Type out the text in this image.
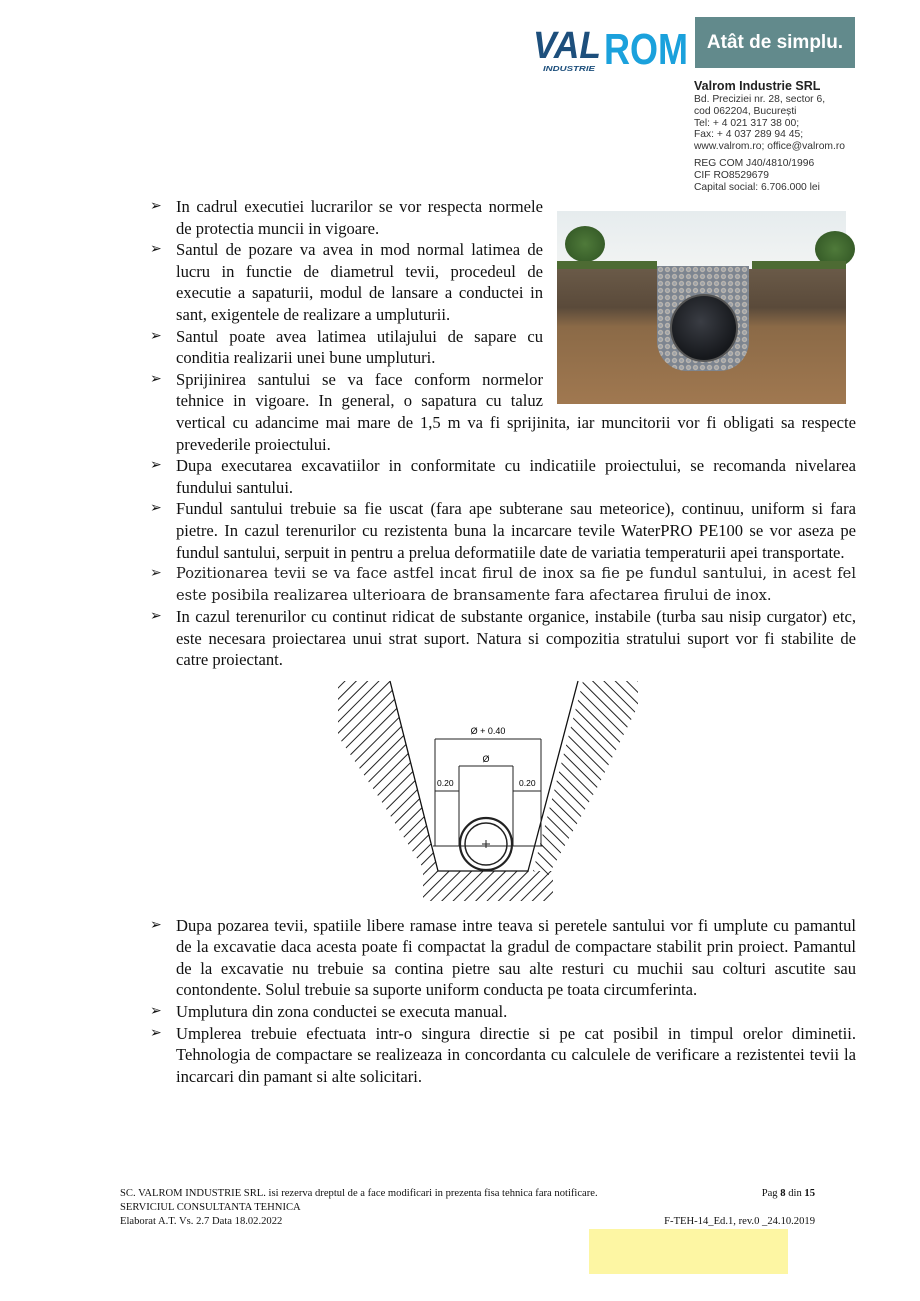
VAL ROM
INDUSTRIE
Atât de simplu.
Valrom Industrie SRL
Bd. Preciziei nr. 28, sector 6,
cod 062204, București
Tel: + 4 021 317 38 00;
Fax: + 4 037 289 94 45;
www.valrom.ro; office@valrom.ro
REG COM J40/4810/1996
CIF RO8529679
Capital social: 6.706.000 lei

➢ In cadrul executiei lucrarilor se vor respecta normele de protectia muncii in vigoare.

➢ Santul de pozare va avea in mod normal latimea de lucru in functie de diametrul tevii, procedeul de executie a sapaturii, modul de lansare a conductei in sant, exigentele de realizare a umpluturii.

➢ Santul poate avea latimea utilajului de sapare cu conditia realizarii unei bune umpluturi.

➢ Sprijinirea santului se va face conform normelor tehnice in vigoare. In general, o sapatura cu taluz vertical cu adancime mai mare de 1,5 m va fi sprijinita, iar muncitorii vor fi obligati sa respecte prevederile proiectului.

➢ Dupa executarea excavatiilor in conformitate cu indicatiile proiectului, se recomanda nivelarea fundului santului.

➢ Fundul santului trebuie sa fie uscat (fara ape subterane sau meteorice), continuu, uniform si fara pietre. In cazul terenurilor cu rezistenta buna la incarcare tevile WaterPRO PE100 se vor aseza pe fundul santului, serpuit in pentru a prelua deformatiile date de variatia temperaturii apei transportate.

➢ Pozitionarea tevii se va face astfel incat firul de inox sa fie pe fundul santului, in acest fel este posibila realizarea ulterioara de bransamente fara afectarea firului de inox.

➢ In cazul terenurilor cu continut ridicat de substante organice, instabile (turba sau nisip curgator) etc, este necesara proiectarea unui strat suport. Natura si compozitia stratului suport vor fi stabilite de catre proiectant.

Ø + 0.40
Ø
0.20	0.20

➢ Dupa pozarea tevii, spatiile libere ramase intre teava si peretele santului vor fi umplute cu pamantul de la excavatie daca acesta poate fi compactat la gradul de compactare stabilit prin proiect. Pamantul de la excavatie nu trebuie sa contina pietre sau alte resturi cu muchii sau colturi ascutite sau contondente. Solul trebuie sa suporte uniform conducta pe toata circumferinta.

➢ Umplutura din zona conductei se executa manual.

➢ Umplerea trebuie efectuata intr-o singura directie si pe cat posibil in timpul orelor diminetii. Tehnologia de compactare se realizeaza in concordanta cu calculele de verificare a rezistentei tevii la incarcari din pamant si alte solicitari.

SC. VALROM INDUSTRIE SRL. isi rezerva dreptul de a face modificari in prezenta fisa tehnica fara notificare.	Pag 8 din 15
SERVICIUL CONSULTANTA TEHNICA
Elaborat A.T. Vs. 2.7 Data 18.02.2022	F-TEH-14_Ed.1, rev.0 _24.10.2019
